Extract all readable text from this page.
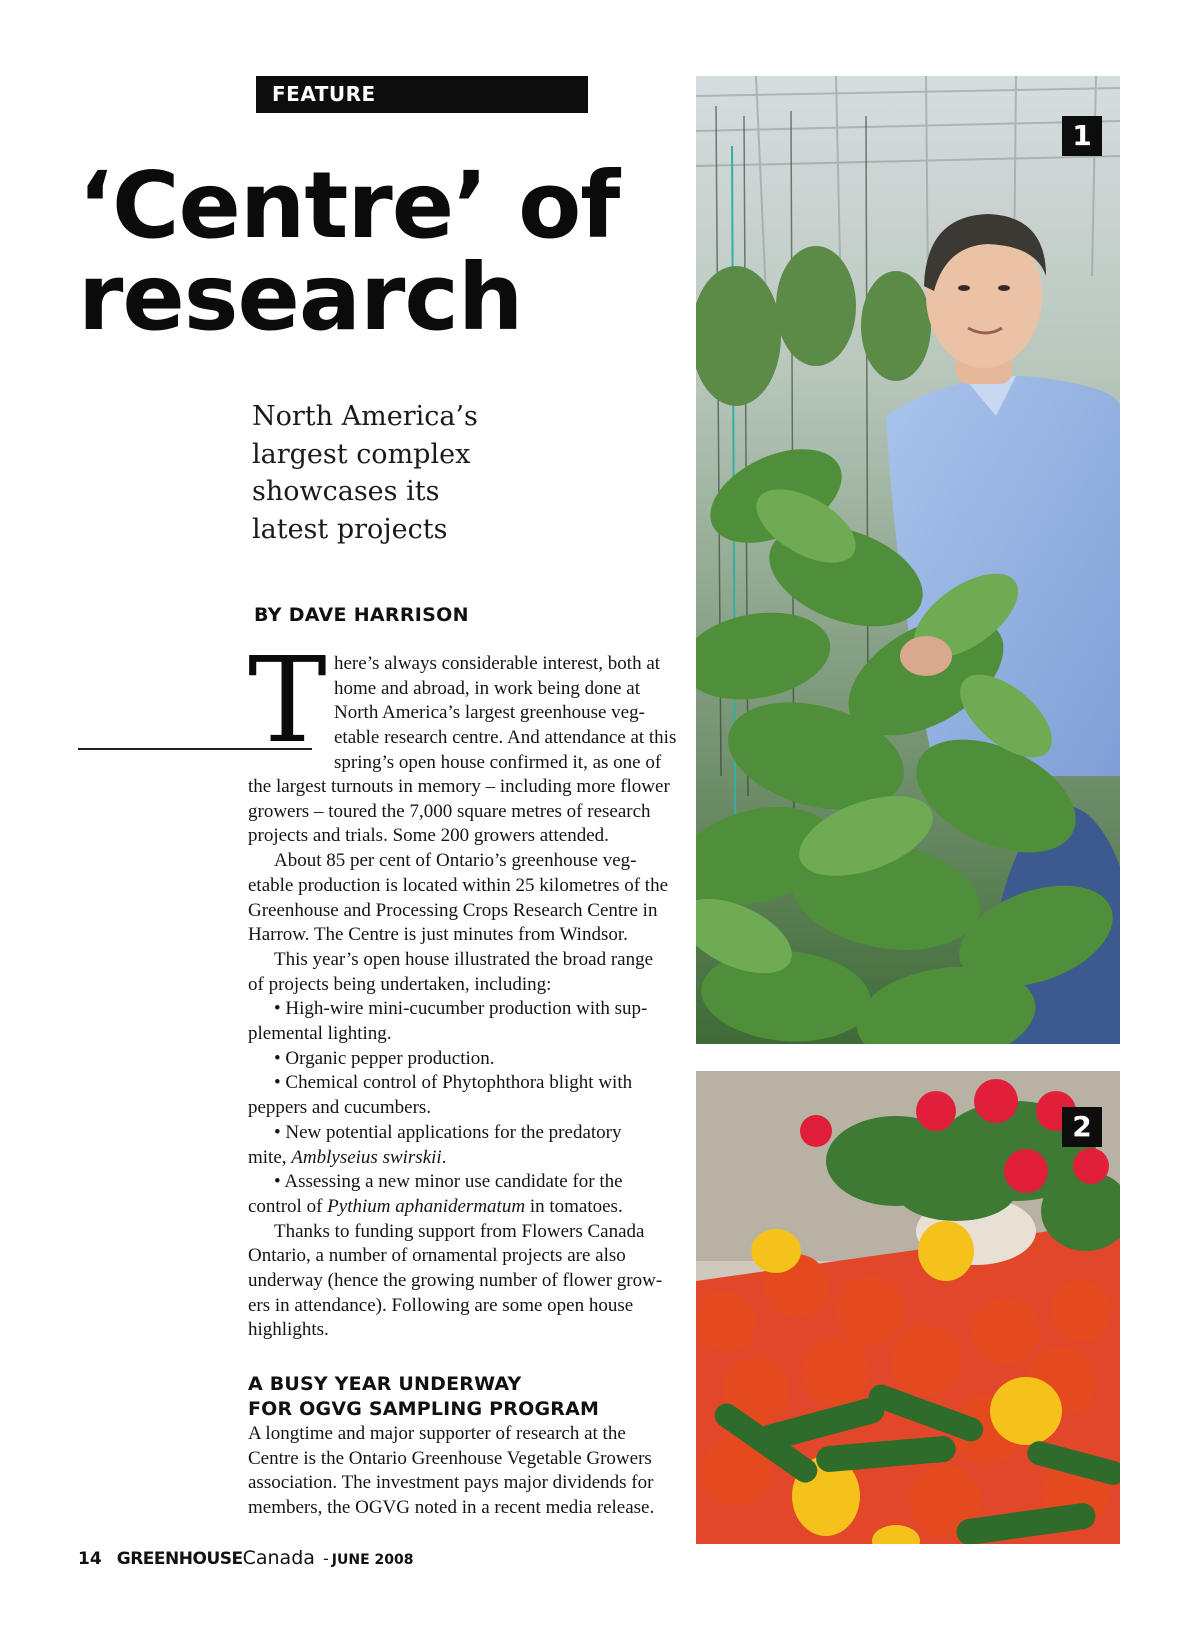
FEATURE
‘Centre’ of
research
North America’s
largest complex
showcases its
latest projects
BY DAVE HARRISON
T here’s always considerable interest, both at
home and abroad, in work being done at
North America’s largest greenhouse veg-
etable research centre. And attendance at this
spring’s open house confirmed it, as one of

the largest turnouts in memory – including more flower
growers – toured the 7,000 square metres of research
projects and trials. Some 200 growers attended.

About 85 per cent of Ontario’s greenhouse veg-
etable production is located within 25 kilometres of the
Greenhouse and Processing Crops Research Centre in
Harrow. The Centre is just minutes from Windsor.

This year’s open house illustrated the broad range
of projects being undertaken, including:

• High-wire mini-cucumber production with sup-
plemental lighting.

• Organic pepper production.

• Chemical control of Phytophthora blight with
peppers and cucumbers.

• New potential applications for the predatory
mite, Amblyseius swirskii.

• Assessing a new minor use candidate for the
control of Pythium aphanidermatum in tomatoes.

Thanks to funding support from Flowers Canada
Ontario, a number of ornamental projects are also
underway (hence the growing number of flower grow-
ers in attendance). Following are some open house
highlights.

A BUSY YEAR UNDERWAY
FOR OGVG SAMPLING PROGRAM
A longtime and major supporter of research at the
Centre is the Ontario Greenhouse Vegetable Growers
association. The investment pays major dividends for
members, the OGVG noted in a recent media release.
14 GREENHOUSECanada - JUNE 2008
1
2
